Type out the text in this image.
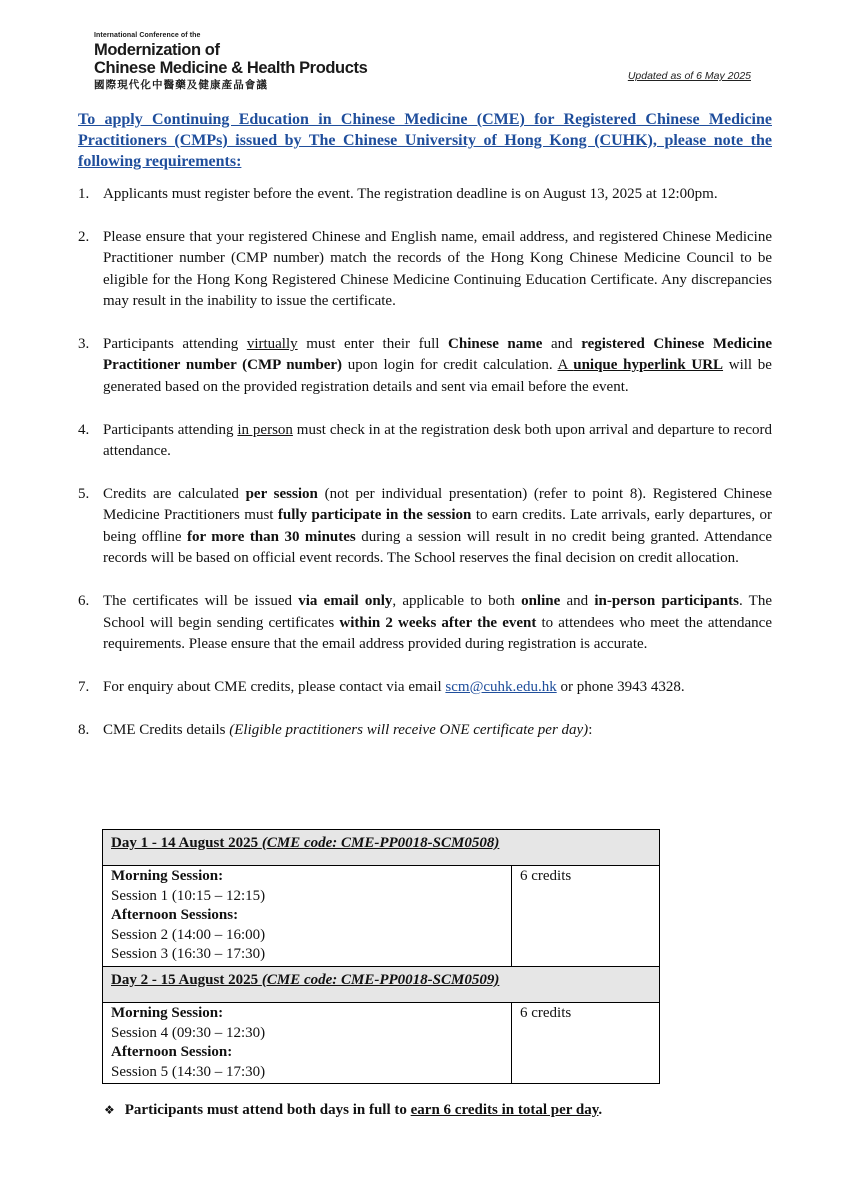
International Conference of the
Modernization of
Chinese Medicine & Health Products
國際現代化中醫藥及健康產品會議
Updated as of 6 May 2025
To apply Continuing Education in Chinese Medicine (CME) for Registered Chinese Medicine Practitioners (CMPs) issued by The Chinese University of Hong Kong (CUHK), please note the following requirements:
1. Applicants must register before the event. The registration deadline is on August 13, 2025 at 12:00pm.
2. Please ensure that your registered Chinese and English name, email address, and registered Chinese Medicine Practitioner number (CMP number) match the records of the Hong Kong Chinese Medicine Council to be eligible for the Hong Kong Registered Chinese Medicine Continuing Education Certificate. Any discrepancies may result in the inability to issue the certificate.
3. Participants attending virtually must enter their full Chinese name and registered Chinese Medicine Practitioner number (CMP number) upon login for credit calculation. A unique hyperlink URL will be generated based on the provided registration details and sent via email before the event.
4. Participants attending in person must check in at the registration desk both upon arrival and departure to record attendance.
5. Credits are calculated per session (not per individual presentation) (refer to point 8). Registered Chinese Medicine Practitioners must fully participate in the session to earn credits. Late arrivals, early departures, or being offline for more than 30 minutes during a session will result in no credit being granted. Attendance records will be based on official event records. The School reserves the final decision on credit allocation.
6. The certificates will be issued via email only, applicable to both online and in-person participants. The School will begin sending certificates within 2 weeks after the event to attendees who meet the attendance requirements. Please ensure that the email address provided during registration is accurate.
7. For enquiry about CME credits, please contact via email scm@cuhk.edu.hk or phone 3943 4328.
8. CME Credits details (Eligible practitioners will receive ONE certificate per day):
Day 1 - 14 August 2025 (CME code: CME-PP0018-SCM0508)	

Morning Session:
Session 1 (10:15 – 12:15)
Afternoon Sessions:
Session 2 (14:00 – 16:00)
Session 3 (16:30 – 17:30)	6 credits
Day 2 - 15 August 2025 (CME code: CME-PP0018-SCM0509)	

Morning Session:
Session 4 (09:30 – 12:30)
Afternoon Session:
Session 5 (14:30 – 17:30)	6 credits
❖ Participants must attend both days in full to earn 6 credits in total per day.
